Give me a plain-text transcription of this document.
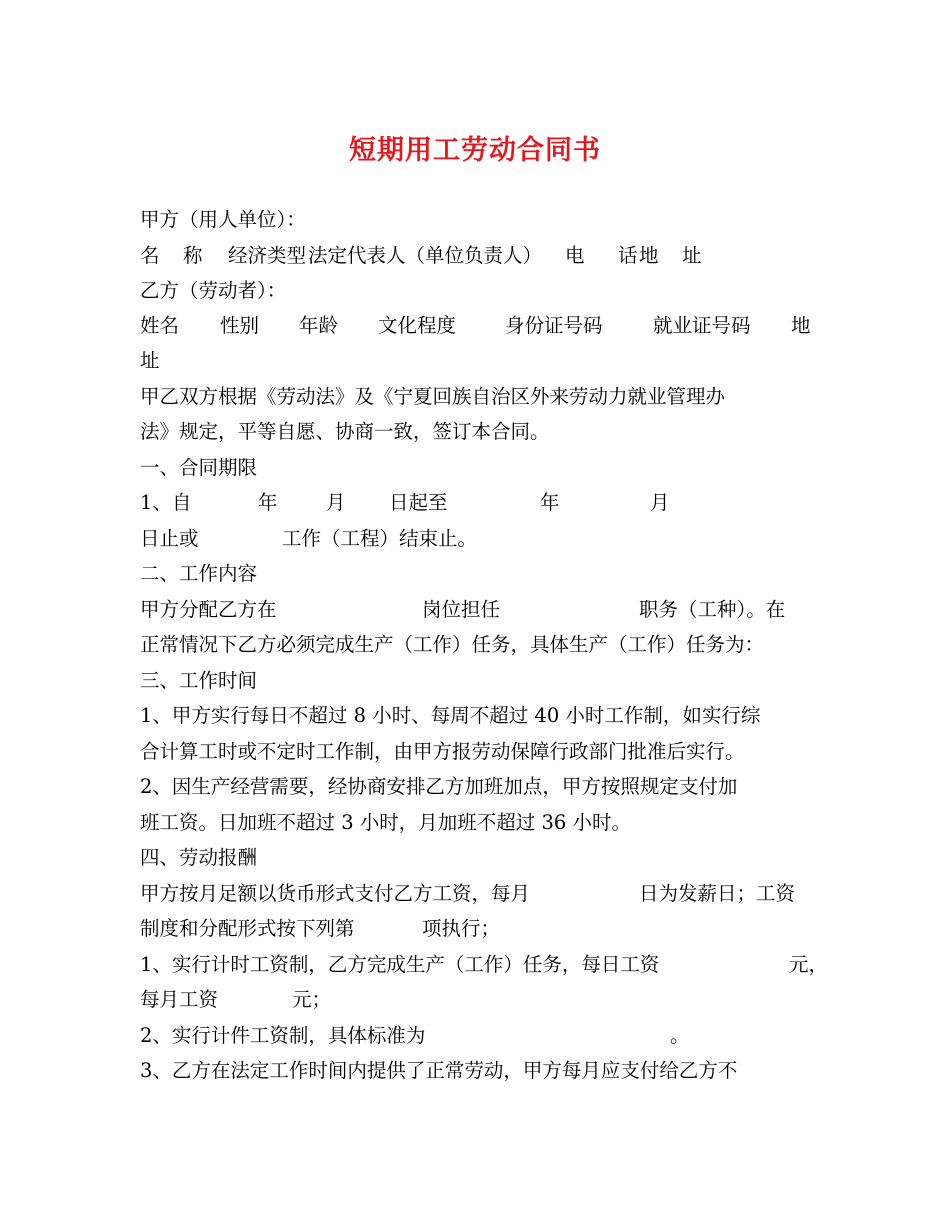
短期用工劳动合同书
甲方（用人单位）：
名 称 经济类型 法定代表人（单位负责人） 电 话 地 址
乙方（劳动者）：
姓名 性别 年龄 文化程度	身份证号码	就业证号码 地
址
甲乙双方根据《劳动法》及《宁夏回族自治区外来劳动力就业管理办
法》规定，平等自愿、协商一致，签订本合同。
一、合同期限
1、自	年 月 日起至	年	月
日止或	工作（工程）结束止。
二、工作内容
甲方分配乙方在	岗位担任	职务（工种）。在
正常情况下乙方必须完成生产（工作）任务，具体生产（工作）任务为：
三、工作时间
1、甲方实行每日不超过 8 小时、每周不超过 40 小时工作制，如实行综
合计算工时或不定时工作制，由甲方报劳动保障行政部门批准后实行。
2、因生产经营需要，经协商安排乙方加班加点，甲方按照规定支付加
班工资。日加班不超过 3 小时，月加班不超过 36 小时。
四、劳动报酬
甲方按月足额以货币形式支付乙方工资，每月	日为发薪日；工资
制度和分配形式按下列第	项执行；
1、实行计时工资制，乙方完成生产（工作）任务，每日工资	元，
每月工资	元；
2、实行计件工资制，具体标准为	。
3、乙方在法定工作时间内提供了正常劳动，甲方每月应支付给乙方不
